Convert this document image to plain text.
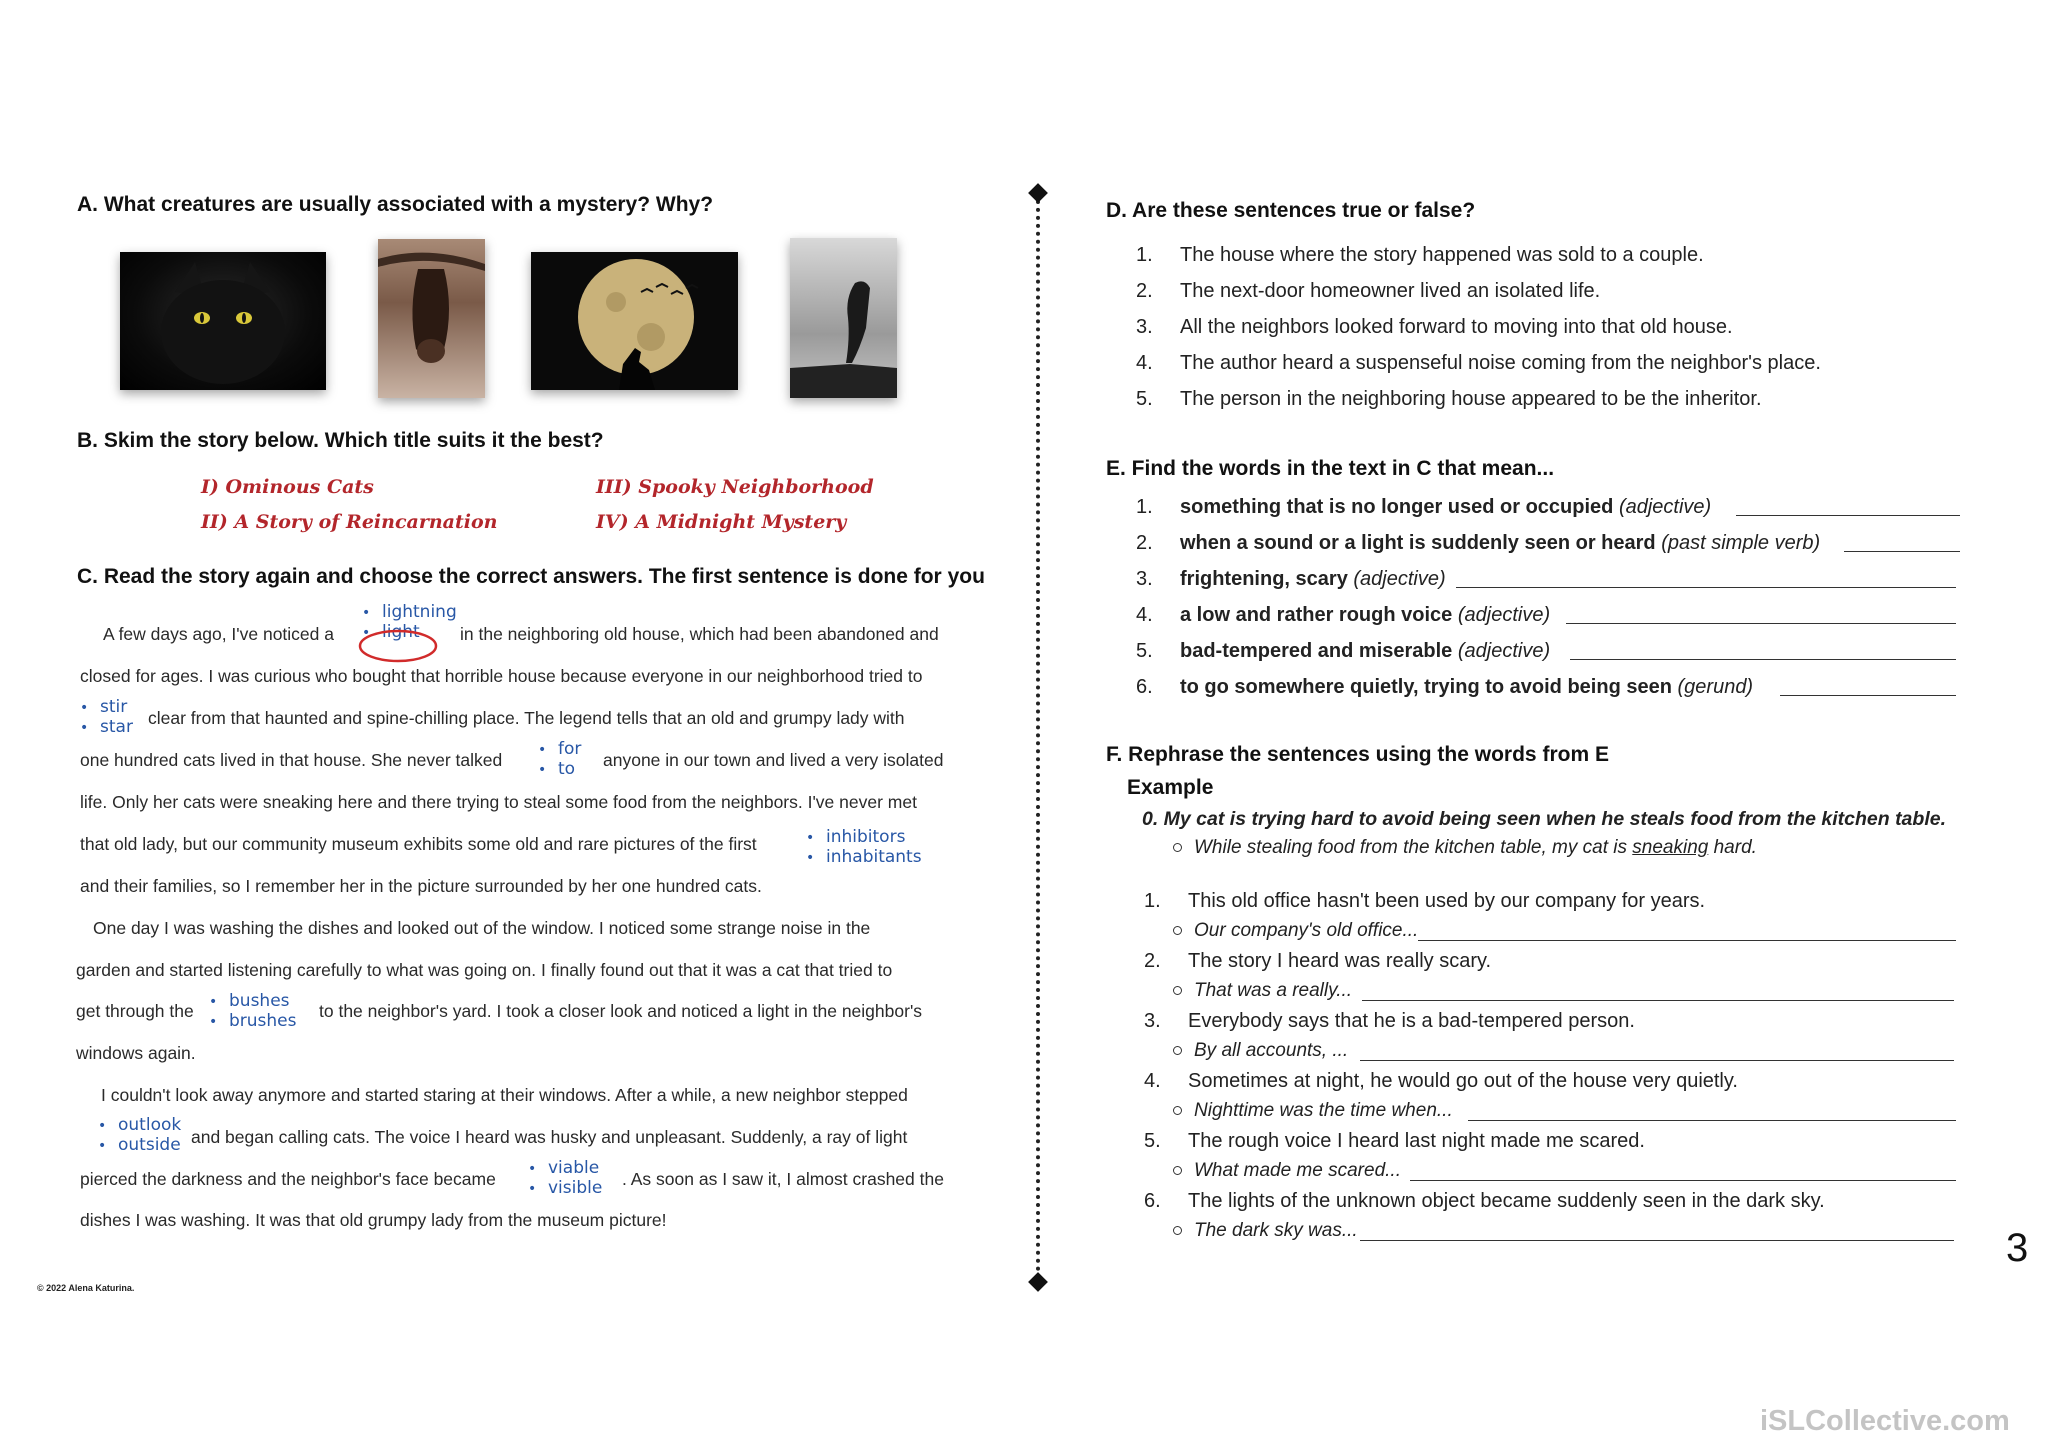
A. What creatures are usually associated with a mystery? Why?
B. Skim the story below. Which title suits it the best?
I) Ominous Cats
II) A Story of Reincarnation
III) Spooky Neighborhood
IV) A Midnight Mystery
C. Read the story again and choose the correct answers. The first sentence is done for you
A few days ago, I've noticed a
• lightning
• light	in the neighboring old house, which had been abandoned and
closed for ages. I was curious who bought that horrible house because everyone in our neighborhood tried to
• stir
• star clear from that haunted and spine-chilling place. The legend tells that an old and grumpy lady with
one hundred cats lived in that house. She never talked	• for
• to	anyone in our town and lived a very isolated
life. Only her cats were sneaking here and there trying to steal some food from the neighbors. I've never met
that old lady, but our community museum exhibits some old and rare pictures of the first	• inhibitors
• inhabitants
and their families, so I remember her in the picture surrounded by her one hundred cats.
One day I was washing the dishes and looked out of the window. I noticed some strange noise in the
garden and started listening carefully to what was going on. I finally found out that it was a cat that tried to
get through the • bushes
• brushes to the neighbor's yard. I took a closer look and noticed a light in the neighbor's
windows again.
I couldn't look away anymore and started staring at their windows. After a while, a new neighbor stepped
• outlook
• outside and began calling cats. The voice I heard was husky and unpleasant. Suddenly, a ray of light
pierced the darkness and the neighbor's face became • viable
• visible . As soon as I saw it, I almost crashed the
dishes I was washing. It was that old grumpy lady from the museum picture!
D. Are these sentences true or false?
1. The house where the story happened was sold to a couple.
2. The next-door homeowner lived an isolated life.
3. All the neighbors looked forward to moving into that old house.
4. The author heard a suspenseful noise coming from the neighbor's place.
5. The person in the neighboring house appeared to be the inheritor.
E. Find the words in the text in C that mean...
1. something that is no longer used or occupied (adjective)
2. when a sound or a light is suddenly seen or heard (past simple verb)
3. frightening, scary (adjective)
4. a low and rather rough voice (adjective)
5. bad-tempered and miserable (adjective)
6. to go somewhere quietly, trying to avoid being seen (gerund)
F. Rephrase the sentences using the words from E
Example
0. My cat is trying hard to avoid being seen when he steals food from the kitchen table.
While stealing food from the kitchen table, my cat is sneaking hard.
1. This old office hasn't been used by our company for years.
Our company's old office...
2. The story I heard was really scary.
That was a really...
3. Everybody says that he is a bad-tempered person.
By all accounts, ...
4. Sometimes at night, he would go out of the house very quietly.
Nighttime was the time when...
5. The rough voice I heard last night made me scared.
What made me scared...
6. The lights of the unknown object became suddenly seen in the dark sky.
The dark sky was...
© 2022 Alena Katurina.
3
iSLCollective.com
